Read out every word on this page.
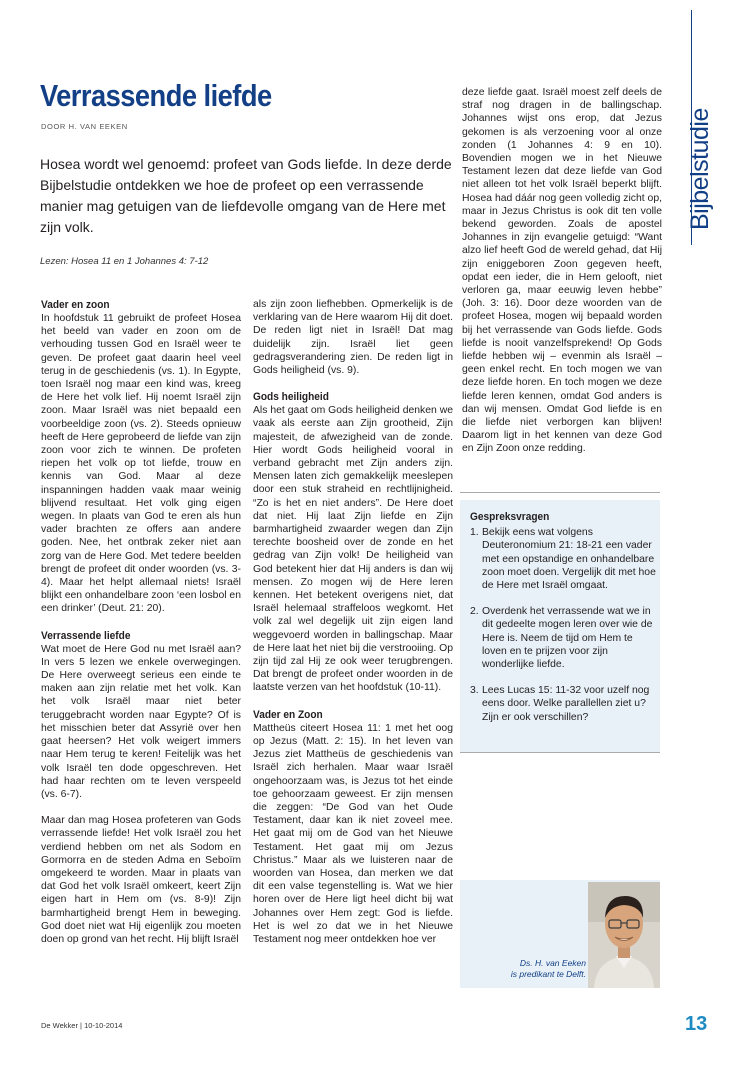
Bijbelstudie
Verrassende liefde
DOOR H. VAN EEKEN
Hosea wordt wel genoemd: profeet van Gods liefde. In deze derde Bijbelstudie ontdekken we hoe de profeet op een verrassende manier mag getuigen van de liefdevolle omgang van de Here met zijn volk.
Lezen: Hosea 11 en 1 Johannes 4: 7-12
Vader en zoon

In hoofdstuk 11 gebruikt de profeet Hosea het beeld van vader en zoon om de verhouding tussen God en Israël weer te geven. De profeet gaat daarin heel veel terug in de geschiedenis (vs. 1). In Egypte, toen Israël nog maar een kind was, kreeg de Here het volk lief. Hij noemt Israël zijn zoon. Maar Israël was niet bepaald een voorbeeldige zoon (vs. 2). Steeds opnieuw heeft de Here geprobeerd de liefde van zijn zoon voor zich te winnen. De profeten riepen het volk op tot liefde, trouw en kennis van God. Maar al deze inspanningen hadden vaak maar weinig blijvend resultaat. Het volk ging eigen wegen. In plaats van God te eren als hun vader brachten ze offers aan andere goden. Nee, het ontbrak zeker niet aan zorg van de Here God. Met tedere beelden brengt de profeet dit onder woorden (vs. 3-4). Maar het helpt allemaal niets! Israël blijkt een onhandelbare zoon ‘een losbol en een drinker’ (Deut. 21: 20).

Verrassende liefde

Wat moet de Here God nu met Israël aan? In vers 5 lezen we enkele overwegingen. De Here overweegt serieus een einde te maken aan zijn relatie met het volk. Kan het volk Israël maar niet beter teruggebracht worden naar Egypte? Of is het misschien beter dat Assyrië over hen gaat heersen? Het volk weigert immers naar Hem terug te keren! Feitelijk was het volk Israël ten dode opgeschreven. Het had haar rechten om te leven verspeeld (vs. 6-7).

Maar dan mag Hosea profeteren van Gods verrassende liefde! Het volk Israël zou het verdiend hebben om net als Sodom en Gormorra en de steden Adma en Seboïm omgekeerd te worden. Maar in plaats van dat God het volk Israël omkeert, keert Zijn eigen hart in Hem om (vs. 8-9)! Zijn barmhartigheid brengt Hem in beweging. God doet niet wat Hij eigenlijk zou moeten doen op grond van het recht. Hij blijft Israël

als zijn zoon liefhebben. Opmerkelijk is de verklaring van de Here waarom Hij dit doet. De reden ligt niet in Israël! Dat mag duidelijk zijn. Israël liet geen gedragsverandering zien. De reden ligt in Gods heiligheid (vs. 9).

Gods heiligheid

Als het gaat om Gods heiligheid denken we vaak als eerste aan Zijn grootheid, Zijn majesteit, de afwezigheid van de zonde. Hier wordt Gods heiligheid vooral in verband gebracht met Zijn anders zijn. Mensen laten zich gemakkelijk meeslepen door een stuk straheid en rechtlijnigheid. “Zo is het en niet anders”. De Here doet dat niet. Hij laat Zijn liefde en Zijn barmhartigheid zwaarder wegen dan Zijn terechte boosheid over de zonde en het gedrag van Zijn volk! De heiligheid van God betekent hier dat Hij anders is dan wij mensen. Zo mogen wij de Here leren kennen. Het betekent overigens niet, dat Israël helemaal straffeloos wegkomt. Het volk zal wel degelijk uit zijn eigen land weggevoerd worden in ballingschap. Maar de Here laat het niet bij die verstrooiing. Op zijn tijd zal Hij ze ook weer terugbrengen. Dat brengt de profeet onder woorden in de laatste verzen van het hoofdstuk (10-11).

Vader en Zoon

Mattheüs citeert Hosea 11: 1 met het oog op Jezus (Matt. 2: 15). In het leven van Jezus ziet Mattheüs de geschiedenis van Israël zich herhalen. Maar waar Israël ongehoorzaam was, is Jezus tot het einde toe gehoorzaam geweest. Er zijn mensen die zeggen: “De God van het Oude Testament, daar kan ik niet zoveel mee. Het gaat mij om de God van het Nieuwe Testament. Het gaat mij om Jezus Christus.” Maar als we luisteren naar de woorden van Hosea, dan merken we dat dit een valse tegenstelling is. Wat we hier horen over de Here ligt heel dicht bij wat Johannes over Hem zegt: God is liefde. Het is wel zo dat we in het Nieuwe Testament nog meer ontdekken hoe ver

deze liefde gaat. Israël moest zelf deels de straf nog dragen in de ballingschap. Johannes wijst ons erop, dat Jezus gekomen is als verzoening voor al onze zonden (1 Johannes 4: 9 en 10). Bovendien mogen we in het Nieuwe Testament lezen dat deze liefde van God niet alleen tot het volk Israël beperkt blijft. Hosea had dáár nog geen volledig zicht op, maar in Jezus Christus is ook dit ten volle bekend geworden. Zoals de apostel Johannes in zijn evangelie getuigd: “Want alzo lief heeft God de wereld gehad, dat Hij zijn eniggeboren Zoon gegeven heeft, opdat een ieder, die in Hem gelooft, niet verloren ga, maar eeuwig leven hebbe” (Joh. 3: 16). Door deze woorden van de profeet Hosea, mogen wij bepaald worden bij het verrassende van Gods liefde. Gods liefde is nooit vanzelfsprekend! Op Gods liefde hebben wij – evenmin als Israël – geen enkel recht. En toch mogen we van deze liefde horen. En toch mogen we deze liefde leren kennen, omdat God anders is dan wij mensen. Omdat God liefde is en die liefde niet verborgen kan blijven! Daarom ligt in het kennen van deze God en Zijn Zoon onze redding.

Gespreksvragen
1. Bekijk eens wat volgens Deuteronomium 21: 18-21 een vader met een opstandige en onhandelbare zoon moet doen. Vergelijk dit met hoe de Here met Israël omgaat.
2. Overdenk het verrassende wat we in dit gedeelte mogen leren over wie de Here is. Neem de tijd om Hem te loven en te prijzen voor zijn wonderlijke liefde.
3. Lees Lucas 15: 11-32 voor uzelf nog eens door. Welke parallellen ziet u? Zijn er ook verschillen?
Ds. H. van Eeken
is predikant te Delft.
De Wekker | 10-10-2014	13
